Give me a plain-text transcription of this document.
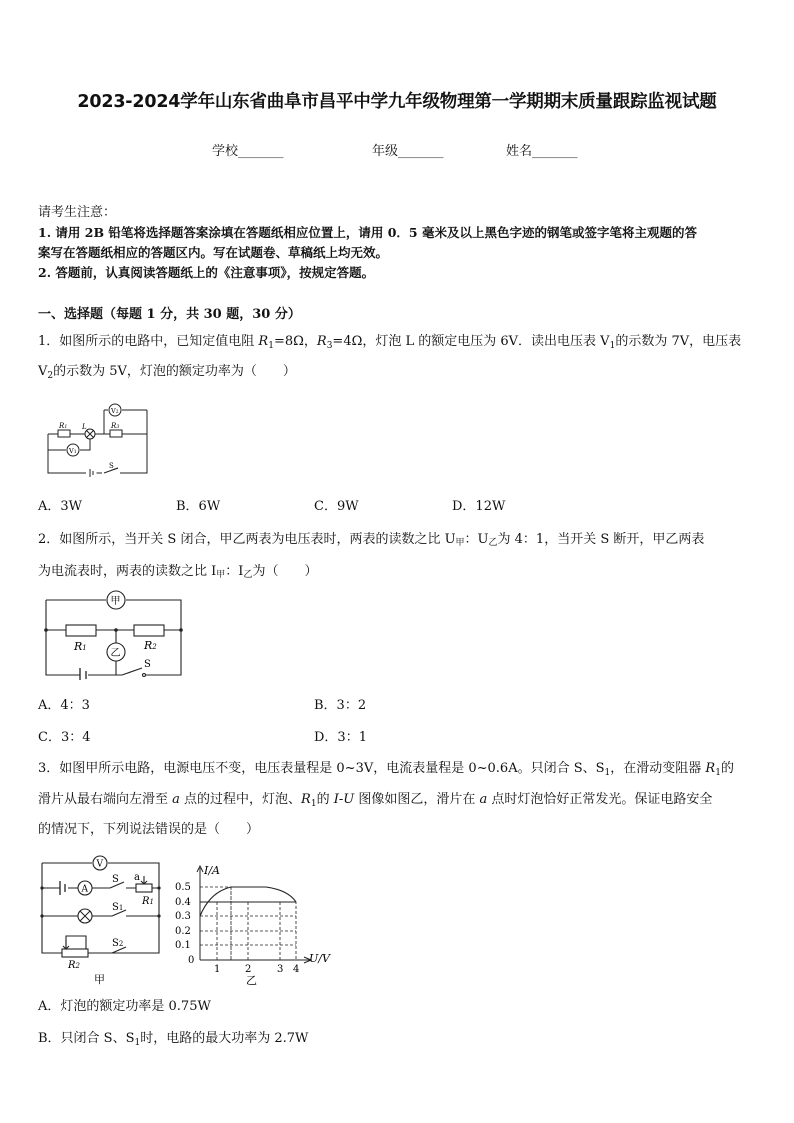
2023-2024学年山东省曲阜市昌平中学九年级物理第一学期期末质量跟踪监视试题
学校_______	年级_______	姓名_______
请考生注意：
1. 请用 2B 铅笔将选择题答案涂填在答题纸相应位置上，请用 0．5 毫米及以上黑色字迹的钢笔或签字笔将主观题的答
案写在答题纸相应的答题区内。写在试题卷、草稿纸上均无效。
2. 答题前，认真阅读答题纸上的《注意事项》，按规定答题。
一、选择题（每题 1 分，共 30 题，30 分）
1．如图所示的电路中，已知定值电阻 $R_1=8\Omega$，$R_3=4\Omega$，灯泡 L 的额定电压为 6V．读出电压表 $V_1$的示数为 7V，电压表
$V_2$的示数为 5V，灯泡的额定功率为（　　）
R1 L	R3
V2
V1
S
A．3W	B．6W	C．9W	D．12W
2．如图所示，当开关 S 闭合，甲乙两表为电压表时，两表的读数之比 U甲：U乙为 4：1，当开关 S 断开，甲乙两表
为电流表时，两表的读数之比 I甲：I乙为（　　）
甲
乙
R1	R2
S
A．4：3	B．3：2
C．3：4	D．3：1
3．如图甲所示电路，电源电压不变，电压表量程是 0~3V，电流表量程是 0~0.6A。只闭合 S、$S_1$，在滑动变阻器 $R_1$的
滑片从最右端向左滑至 a 点的过程中，灯泡、$R_1$的 I-U 图像如图乙，滑片在 a 点时灯泡恰好正常发光。保证电路安全
的情况下，下列说法错误的是（　　）
V
A
S a
R1
S1
S2
R2
甲
I/A
U/V
0.5
0.4
0.3
0.2
0.1
0
1 2	3 4
乙
A．灯泡的额定功率是 0.75W
B．只闭合 S、$S_1$时，电路的最大功率为 2.7W
